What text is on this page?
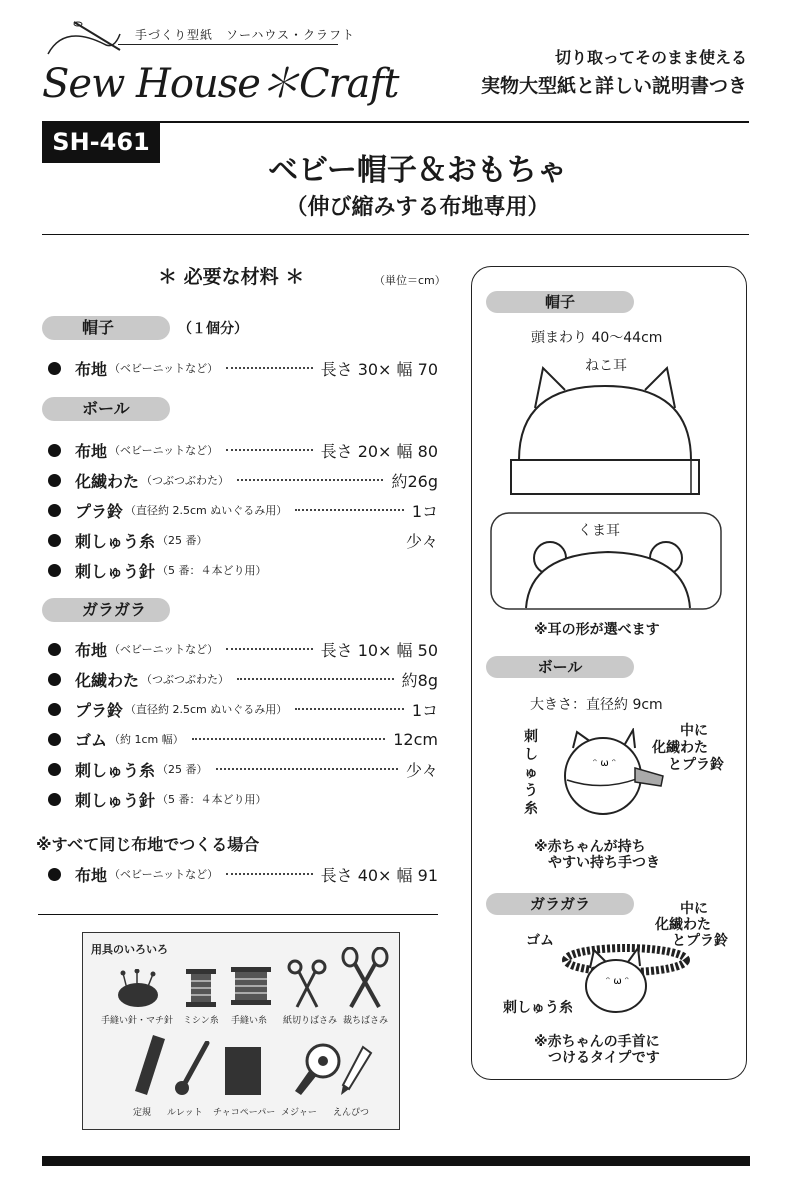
手づくり型紙　ソーハウス・クラフト
Sew House＊Craft
切り取ってそのまま使える
実物大型紙と詳しい説明書つき
SH-461
ベビー帽子＆おもちゃ
（伸び縮みする布地専用）
＊ 必要な材料 ＊	（単位＝cm）
帽子	（１個分）
布地 （ベビーニットなど）	長さ 30× 幅 70
ボール
布地 （ベビーニットなど）	長さ 20× 幅 80
化繊わた （つぶつぶわた）	約26g
プラ鈴 （直径約 2.5cm ぬいぐるみ用）	1コ
刺しゅう糸 （25 番）	少々
刺しゅう針 （5 番：４本どり用）
ガラガラ
布地 （ベビーニットなど）	長さ 10× 幅 50
化繊わた （つぶつぶわた）	約8g
プラ鈴 （直径約 2.5cm ぬいぐるみ用）	1コ
ゴム （約 1cm 幅）	12cm
刺しゅう糸 （25 番）	少々
刺しゅう針 （5 番：４本どり用）
※すべて同じ布地でつくる場合
布地 （ベビーニットなど）	長さ 40× 幅 91
用具のいろいろ
手縫い針・マチ針 ミシン糸 手縫い糸 紙切りばさみ 裁ちばさみ
定規 ルレット チャコペーパー メジャー えんぴつ
帽子
頭まわり 40～44cm
ねこ耳
くま耳
※耳の形が選べます
ボール
大きさ：直径約 9cm
刺しゅう糸
中に
化繊わた
とプラ鈴
ᵔ ω ᵔ
※赤ちゃんが持ち
やすい持ち手つき
ガラガラ	中に
化繊わた
とプラ鈴
ゴム
ᵔ ω ᵔ
刺しゅう糸
※赤ちゃんの手首に
つけるタイプです
